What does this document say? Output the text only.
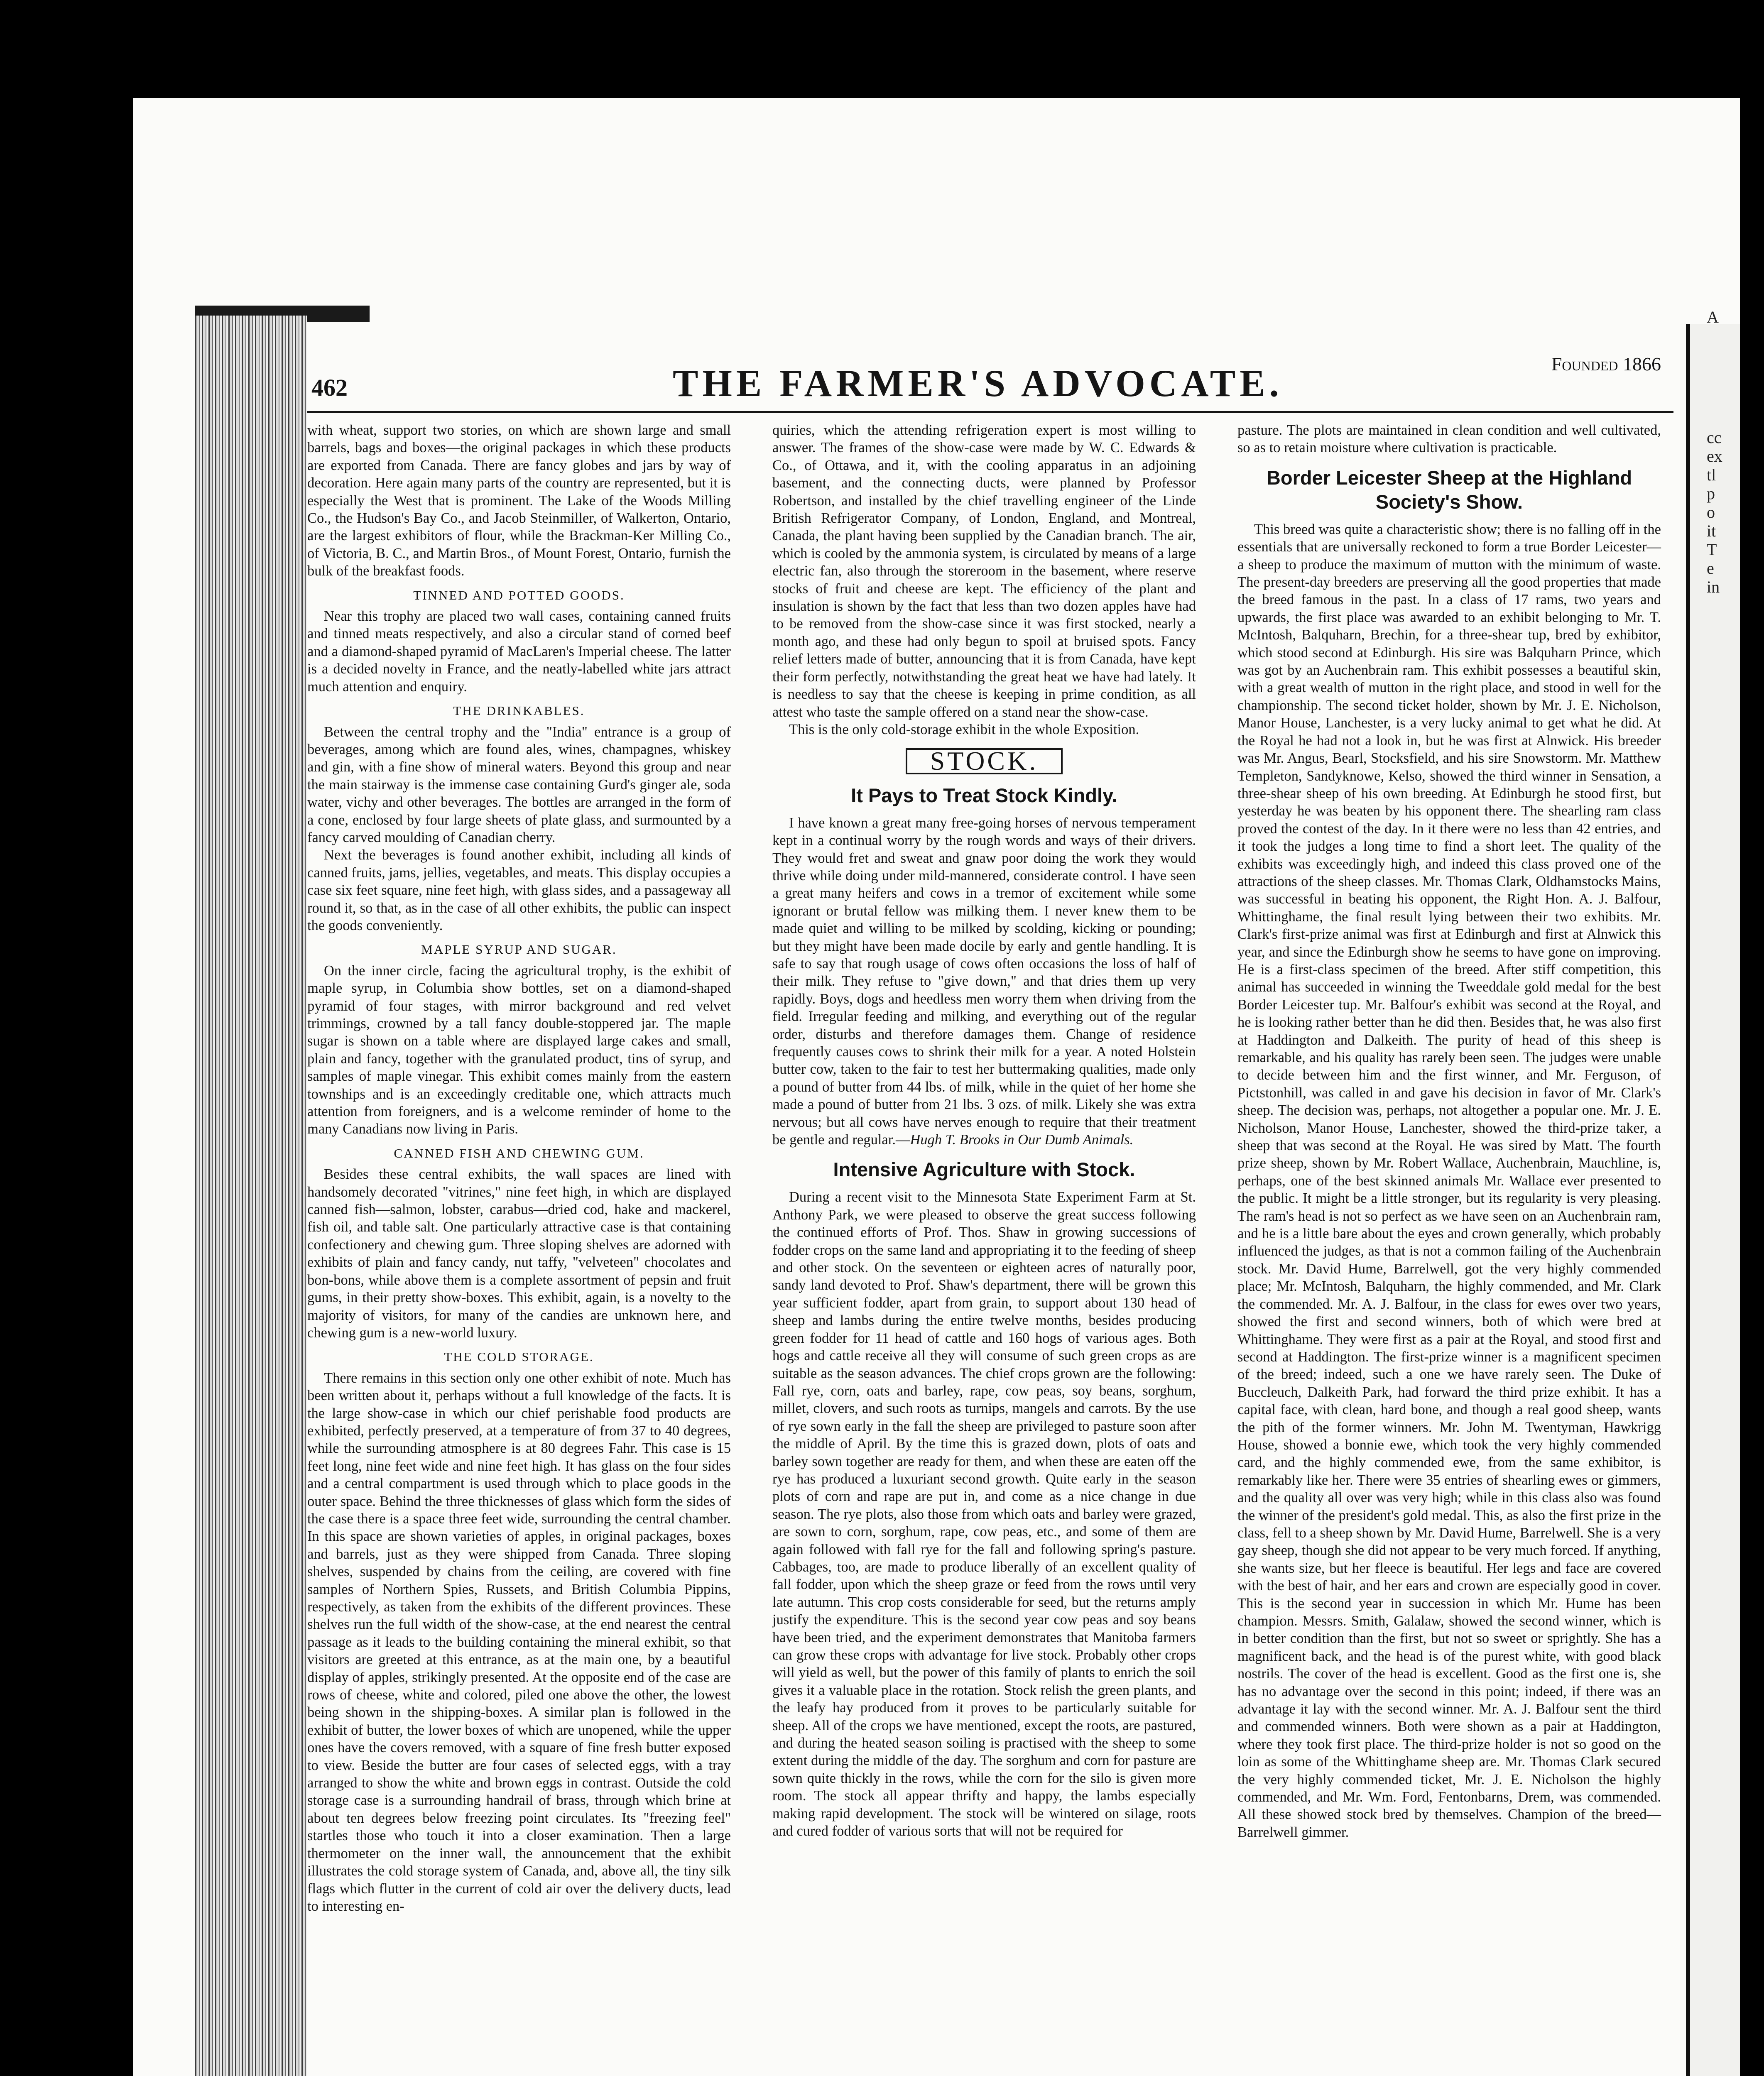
A
cc
ex
tl
p
o
it
T
e
in
462	THE FARMER'S ADVOCATE.	Founded 1866

with wheat, support two stories, on which are shown large and small barrels, bags and boxes—the original packages in which these products are exported from Canada. There are fancy globes and jars by way of decoration. Here again many parts of the country are represented, but it is especially the West that is prominent. The Lake of the Woods Milling Co., the Hudson's Bay Co., and Jacob Steinmiller, of Walkerton, Ontario, are the largest exhibitors of flour, while the Brackman-Ker Milling Co., of Victoria, B. C., and Martin Bros., of Mount Forest, Ontario, furnish the bulk of the breakfast foods.

TINNED AND POTTED GOODS.

Near this trophy are placed two wall cases, containing canned fruits and tinned meats respectively, and also a circular stand of corned beef and a diamond-shaped pyramid of MacLaren's Imperial cheese. The latter is a decided novelty in France, and the neatly-labelled white jars attract much attention and enquiry.

THE DRINKABLES.

Between the central trophy and the "India" entrance is a group of beverages, among which are found ales, wines, champagnes, whiskey and gin, with a fine show of mineral waters. Beyond this group and near the main stairway is the immense case containing Gurd's ginger ale, soda water, vichy and other beverages. The bottles are arranged in the form of a cone, enclosed by four large sheets of plate glass, and surmounted by a fancy carved moulding of Canadian cherry.

Next the beverages is found another exhibit, including all kinds of canned fruits, jams, jellies, vegetables, and meats. This display occupies a case six feet square, nine feet high, with glass sides, and a passageway all round it, so that, as in the case of all other exhibits, the public can inspect the goods conveniently.

MAPLE SYRUP AND SUGAR.

On the inner circle, facing the agricultural trophy, is the exhibit of maple syrup, in Columbia show bottles, set on a diamond-shaped pyramid of four stages, with mirror background and red velvet trimmings, crowned by a tall fancy double-stoppered jar. The maple sugar is shown on a table where are displayed large cakes and small, plain and fancy, together with the granulated product, tins of syrup, and samples of maple vinegar. This exhibit comes mainly from the eastern townships and is an exceedingly creditable one, which attracts much attention from foreigners, and is a welcome reminder of home to the many Canadians now living in Paris.

CANNED FISH AND CHEWING GUM.

Besides these central exhibits, the wall spaces are lined with handsomely decorated "vitrines," nine feet high, in which are displayed canned fish—salmon, lobster, carabus—dried cod, hake and mackerel, fish oil, and table salt. One particularly attractive case is that containing confectionery and chewing gum. Three sloping shelves are adorned with exhibits of plain and fancy candy, nut taffy, "velveteen" chocolates and bon-bons, while above them is a complete assortment of pepsin and fruit gums, in their pretty show-boxes. This exhibit, again, is a novelty to the majority of visitors, for many of the candies are unknown here, and chewing gum is a new-world luxury.

THE COLD STORAGE.

There remains in this section only one other exhibit of note. Much has been written about it, perhaps without a full knowledge of the facts. It is the large show-case in which our chief perishable food products are exhibited, perfectly preserved, at a temperature of from 37 to 40 degrees, while the surrounding atmosphere is at 80 degrees Fahr. This case is 15 feet long, nine feet wide and nine feet high. It has glass on the four sides and a central compartment is used through which to place goods in the outer space. Behind the three thicknesses of glass which form the sides of the case there is a space three feet wide, surrounding the central chamber. In this space are shown varieties of apples, in original packages, boxes and barrels, just as they were shipped from Canada. Three sloping shelves, suspended by chains from the ceiling, are covered with fine samples of Northern Spies, Russets, and British Columbia Pippins, respectively, as taken from the exhibits of the different provinces. These shelves run the full width of the show-case, at the end nearest the central passage as it leads to the building containing the mineral exhibit, so that visitors are greeted at this entrance, as at the main one, by a beautiful display of apples, strikingly presented. At the opposite end of the case are rows of cheese, white and colored, piled one above the other, the lowest being shown in the shipping-boxes. A similar plan is followed in the exhibit of butter, the lower boxes of which are unopened, while the upper ones have the covers removed, with a square of fine fresh butter exposed to view. Beside the butter are four cases of selected eggs, with a tray arranged to show the white and brown eggs in contrast. Outside the cold storage case is a surrounding handrail of brass, through which brine at about ten degrees below freezing point circulates. Its "freezing feel" startles those who touch it into a closer examination. Then a large thermometer on the inner wall, the announcement that the exhibit illustrates the cold storage system of Canada, and, above all, the tiny silk flags which flutter in the current of cold air over the delivery ducts, lead to interesting en-

quiries, which the attending refrigeration expert is most willing to answer. The frames of the show-case were made by W. C. Edwards & Co., of Ottawa, and it, with the cooling apparatus in an adjoining basement, and the connecting ducts, were planned by Professor Robertson, and installed by the chief travelling engineer of the Linde British Refrigerator Company, of London, England, and Montreal, Canada, the plant having been supplied by the Canadian branch. The air, which is cooled by the ammonia system, is circulated by means of a large electric fan, also through the storeroom in the basement, where reserve stocks of fruit and cheese are kept. The efficiency of the plant and insulation is shown by the fact that less than two dozen apples have had to be removed from the show-case since it was first stocked, nearly a month ago, and these had only begun to spoil at bruised spots. Fancy relief letters made of butter, announcing that it is from Canada, have kept their form perfectly, notwithstanding the great heat we have had lately. It is needless to say that the cheese is keeping in prime condition, as all attest who taste the sample offered on a stand near the show-case.

This is the only cold-storage exhibit in the whole Exposition.

STOCK.
It Pays to Treat Stock Kindly.

I have known a great many free-going horses of nervous temperament kept in a continual worry by the rough words and ways of their drivers. They would fret and sweat and gnaw poor doing the work they would thrive while doing under mild-mannered, considerate control. I have seen a great many heifers and cows in a tremor of excitement while some ignorant or brutal fellow was milking them. I never knew them to be made quiet and willing to be milked by scolding, kicking or pounding; but they might have been made docile by early and gentle handling. It is safe to say that rough usage of cows often occasions the loss of half of their milk. They refuse to "give down," and that dries them up very rapidly. Boys, dogs and heedless men worry them when driving from the field. Irregular feeding and milking, and everything out of the regular order, disturbs and therefore damages them. Change of residence frequently causes cows to shrink their milk for a year. A noted Holstein butter cow, taken to the fair to test her buttermaking qualities, made only a pound of butter from 44 lbs. of milk, while in the quiet of her home she made a pound of butter from 21 lbs. 3 ozs. of milk. Likely she was extra nervous; but all cows have nerves enough to require that their treatment be gentle and regular.—Hugh T. Brooks in Our Dumb Animals.

Intensive Agriculture with Stock.

During a recent visit to the Minnesota State Experiment Farm at St. Anthony Park, we were pleased to observe the great success following the continued efforts of Prof. Thos. Shaw in growing successions of fodder crops on the same land and appropriating it to the feeding of sheep and other stock. On the seventeen or eighteen acres of naturally poor, sandy land devoted to Prof. Shaw's department, there will be grown this year sufficient fodder, apart from grain, to support about 130 head of sheep and lambs during the entire twelve months, besides producing green fodder for 11 head of cattle and 160 hogs of various ages. Both hogs and cattle receive all they will consume of such green crops as are suitable as the season advances. The chief crops grown are the following: Fall rye, corn, oats and barley, rape, cow peas, soy beans, sorghum, millet, clovers, and such roots as turnips, mangels and carrots. By the use of rye sown early in the fall the sheep are privileged to pasture soon after the middle of April. By the time this is grazed down, plots of oats and barley sown together are ready for them, and when these are eaten off the rye has produced a luxuriant second growth. Quite early in the season plots of corn and rape are put in, and come as a nice change in due season. The rye plots, also those from which oats and barley were grazed, are sown to corn, sorghum, rape, cow peas, etc., and some of them are again followed with fall rye for the fall and following spring's pasture. Cabbages, too, are made to produce liberally of an excellent quality of fall fodder, upon which the sheep graze or feed from the rows until very late autumn. This crop costs considerable for seed, but the returns amply justify the expenditure. This is the second year cow peas and soy beans have been tried, and the experiment demonstrates that Manitoba farmers can grow these crops with advantage for live stock. Probably other crops will yield as well, but the power of this family of plants to enrich the soil gives it a valuable place in the rotation. Stock relish the green plants, and the leafy hay produced from it proves to be particularly suitable for sheep. All of the crops we have mentioned, except the roots, are pastured, and during the heated season soiling is practised with the sheep to some extent during the middle of the day. The sorghum and corn for pasture are sown quite thickly in the rows, while the corn for the silo is given more room. The stock all appear thrifty and happy, the lambs especially making rapid development. The stock will be wintered on silage, roots and cured fodder of various sorts that will not be required for

pasture. The plots are maintained in clean condition and well cultivated, so as to retain moisture where cultivation is practicable.

Border Leicester Sheep at the Highland Society's Show.

This breed was quite a characteristic show; there is no falling off in the essentials that are universally reckoned to form a true Border Leicester—a sheep to produce the maximum of mutton with the minimum of waste. The present-day breeders are preserving all the good properties that made the breed famous in the past. In a class of 17 rams, two years and upwards, the first place was awarded to an exhibit belonging to Mr. T. McIntosh, Balquharn, Brechin, for a three-shear tup, bred by exhibitor, which stood second at Edinburgh. His sire was Balquharn Prince, which was got by an Auchenbrain ram. This exhibit possesses a beautiful skin, with a great wealth of mutton in the right place, and stood in well for the championship. The second ticket holder, shown by Mr. J. E. Nicholson, Manor House, Lanchester, is a very lucky animal to get what he did. At the Royal he had not a look in, but he was first at Alnwick. His breeder was Mr. Angus, Bearl, Stocksfield, and his sire Snowstorm. Mr. Matthew Templeton, Sandyknowe, Kelso, showed the third winner in Sensation, a three-shear sheep of his own breeding. At Edinburgh he stood first, but yesterday he was beaten by his opponent there. The shearling ram class proved the contest of the day. In it there were no less than 42 entries, and it took the judges a long time to find a short leet. The quality of the exhibits was exceedingly high, and indeed this class proved one of the attractions of the sheep classes. Mr. Thomas Clark, Oldhamstocks Mains, was successful in beating his opponent, the Right Hon. A. J. Balfour, Whittinghame, the final result lying between their two exhibits. Mr. Clark's first-prize animal was first at Edinburgh and first at Alnwick this year, and since the Edinburgh show he seems to have gone on improving. He is a first-class specimen of the breed. After stiff competition, this animal has succeeded in winning the Tweeddale gold medal for the best Border Leicester tup. Mr. Balfour's exhibit was second at the Royal, and he is looking rather better than he did then. Besides that, he was also first at Haddington and Dalkeith. The purity of head of this sheep is remarkable, and his quality has rarely been seen. The judges were unable to decide between him and the first winner, and Mr. Ferguson, of Pictstonhill, was called in and gave his decision in favor of Mr. Clark's sheep. The decision was, perhaps, not altogether a popular one. Mr. J. E. Nicholson, Manor House, Lanchester, showed the third-prize taker, a sheep that was second at the Royal. He was sired by Matt. The fourth prize sheep, shown by Mr. Robert Wallace, Auchenbrain, Mauchline, is, perhaps, one of the best skinned animals Mr. Wallace ever presented to the public. It might be a little stronger, but its regularity is very pleasing. The ram's head is not so perfect as we have seen on an Auchenbrain ram, and he is a little bare about the eyes and crown generally, which probably influenced the judges, as that is not a common failing of the Auchenbrain stock. Mr. David Hume, Barrelwell, got the very highly commended place; Mr. McIntosh, Balquharn, the highly commended, and Mr. Clark the commended. Mr. A. J. Balfour, in the class for ewes over two years, showed the first and second winners, both of which were bred at Whittinghame. They were first as a pair at the Royal, and stood first and second at Haddington. The first-prize winner is a magnificent specimen of the breed; indeed, such a one we have rarely seen. The Duke of Buccleuch, Dalkeith Park, had forward the third prize exhibit. It has a capital face, with clean, hard bone, and though a real good sheep, wants the pith of the former winners. Mr. John M. Twentyman, Hawkrigg House, showed a bonnie ewe, which took the very highly commended card, and the highly commended ewe, from the same exhibitor, is remarkably like her. There were 35 entries of shearling ewes or gimmers, and the quality all over was very high; while in this class also was found the winner of the president's gold medal. This, as also the first prize in the class, fell to a sheep shown by Mr. David Hume, Barrelwell. She is a very gay sheep, though she did not appear to be very much forced. If anything, she wants size, but her fleece is beautiful. Her legs and face are covered with the best of hair, and her ears and crown are especially good in cover. This is the second year in succession in which Mr. Hume has been champion. Messrs. Smith, Galalaw, showed the second winner, which is in better condition than the first, but not so sweet or sprightly. She has a magnificent back, and the head is of the purest white, with good black nostrils. The cover of the head is excellent. Good as the first one is, she has no advantage over the second in this point; indeed, if there was an advantage it lay with the second winner. Mr. A. J. Balfour sent the third and commended winners. Both were shown as a pair at Haddington, where they took first place. The third-prize holder is not so good on the loin as some of the Whittinghame sheep are. Mr. Thomas Clark secured the very highly commended ticket, Mr. J. E. Nicholson the highly commended, and Mr. Wm. Ford, Fentonbarns, Drem, was commended. All these showed stock bred by themselves. Champion of the breed—Barrelwell gimmer.
